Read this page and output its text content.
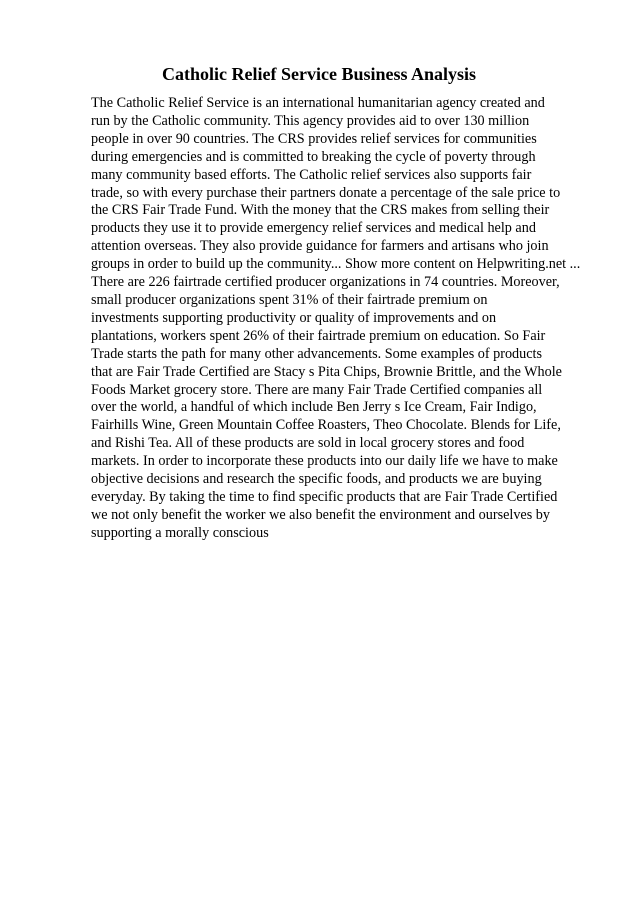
Catholic Relief Service Business Analysis
The Catholic Relief Service is an international humanitarian agency created and
run by the Catholic community. This agency provides aid to over 130 million
people in over 90 countries. The CRS provides relief services for communities
during emergencies and is committed to breaking the cycle of poverty through
many community based efforts. The Catholic relief services also supports fair
trade, so with every purchase their partners donate a percentage of the sale price to
the CRS Fair Trade Fund. With the money that the CRS makes from selling their
products they use it to provide emergency relief services and medical help and
attention overseas. They also provide guidance for farmers and artisans who join
groups in order to build up the community... Show more content on Helpwriting.net ...
There are 226 fairtrade certified producer organizations in 74 countries. Moreover,
small producer organizations spent 31% of their fairtrade premium on
investments supporting productivity or quality of improvements and on
plantations, workers spent 26% of their fairtrade premium on education. So Fair
Trade starts the path for many other advancements. Some examples of products
that are Fair Trade Certified are Stacy s Pita Chips, Brownie Brittle, and the Whole
Foods Market grocery store. There are many Fair Trade Certified companies all
over the world, a handful of which include Ben Jerry s Ice Cream, Fair Indigo,
Fairhills Wine, Green Mountain Coffee Roasters, Theo Chocolate. Blends for Life,
and Rishi Tea. All of these products are sold in local grocery stores and food
markets. In order to incorporate these products into our daily life we have to make
objective decisions and research the specific foods, and products we are buying
everyday. By taking the time to find specific products that are Fair Trade Certified
we not only benefit the worker we also benefit the environment and ourselves by
supporting a morally conscious
